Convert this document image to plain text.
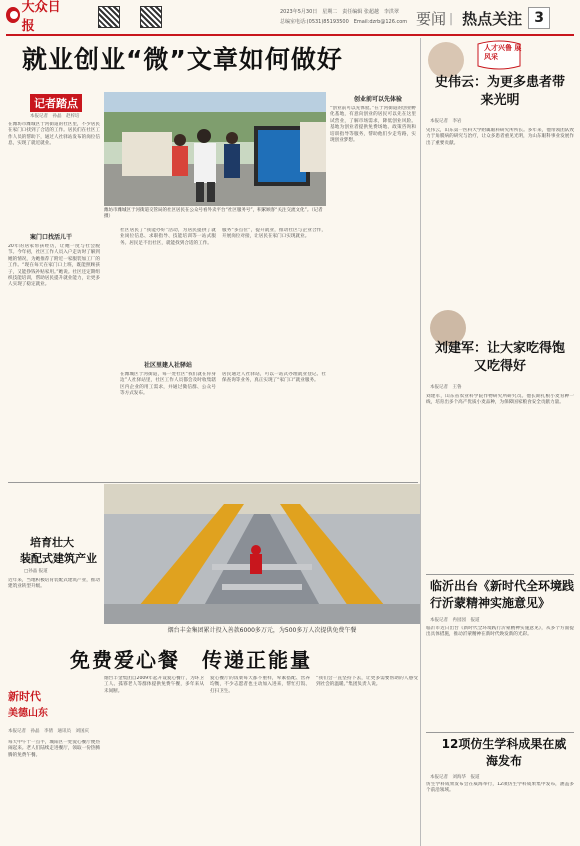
大众日报
2023年5月30日　星期二　责任编辑 张超越　李洪翠
总编室电话:(0531)85193500　Email:dzrb@126.com 要闻 | 热点关注 3
就业创业“微”文章如何做好
记者踏点
潍坊市潍城区于河街道交管局的社区居民在公众号看外卖平台“社区服务号”，积累顾客“关注交流文化”。（记者摄）
本报记者　孙晶　赵梓培
在潍坊市潍城区于河街道的社区里，不少居民在家门口找到了合适的工作。居民们在社区工作人员的帮助下，通过人社驿站发布的岗位信息，实现了就近就业。
案门口找活儿干
20年的居家带孩经历，让她一度与社会脱节。今年初，社区工作人员入户走访时了解到她的情况，为她推荐了附近一家服装加工厂的工作。“现在每天在家门口上班，既能照顾孩子，又能挣钱补贴家用。”她说。社区还定期组织技能培训，帮助居民提升就业能力，让更多人实现了稳定就业。
社区居民了“我能办好”活动，为居民提供了就业岗位信息、求职指导、技能培训等一站式服务。居民足不出社区，就能找到合适的工作。
服务“多点位”，提升就业，推动社区与企业合作，开展岗位对接，让居民在家门口实现就业。
社区里建人社驿站
在潍城区于河街道，每一处社区“我们就在你身边”人社驿站里，社区工作人员都会及时收集辖区内企业的用工需求，并通过微信群、公众号等方式发布。
居民通过人社驿站，可以一站式办理就业登记、社保查询等业务，真正实现了“家门口”就业服务。
创业前可以先体验
“创业前可以先体验。”在于河街道的创业孵化基地，有意向创业的居民可以先在这里试营业，了解市场需求，降低创业风险。基地为创业者提供免费场地、政策咨询和培训指导等服务，帮助他们少走弯路，实现创业梦想。
人才兴鲁 展风采
史伟云：为更多患者带来光明
本报记者　李岩
史伟云，山东第一医科大学附属眼科研究所所长。多年来，他带领团队致力于角膜病的研究与治疗，让众多患者重见光明，为山东眼科事业发展作出了重要贡献。
刘建军：让大家吃得饱又吃得好
本报记者　王鲁
刘建军，山东省农业科学院作物研究所研究员。他长期扎根小麦育种一线，培育出多个高产优质小麦品种，为保障国家粮食安全贡献力量。
临沂出台《新时代全环境践行沂蒙精神实施意见》
本报记者　冉园园　报道
临沂市近日出台《新时代全环境践行沂蒙精神实施意见》，从多个方面提出具体措施，推动沂蒙精神在新时代焕发新的光彩。
12项仿生学科成果在威海发布
本报记者　刘海华　报道
仿生学科成果发布会在威海举行，12项仿生学科成果集中发布，涵盖多个前沿领域。
培育壮大
装配式建筑产业
□孙晶 报道
近年来，当地积极培育装配式建筑产业，推动建筑业转型升级。
烟台丰金集团累计投入善款6000多万元，为500多万人次提供免费午餐
免费爱心餐　传递正能量
新时代
美德山东
本报记者　孙晶　李倩　通讯员　刘国庆
每天中午十一点半，城阳区一处爱心餐厅便热闹起来。老人们陆续走进餐厅，领取一份热腾腾的免费午餐。
烟台丰金集团自2009年起开设爱心餐厅，为环卫工人、孤寡老人等群体提供免费午餐，多年来从未间断。
爱心餐厅的饭菜每天都不重样，荤素搭配、营养均衡，不少志愿者也主动加入进来，帮忙打饭、打扫卫生。
“我们会一直坚持下去，让更多需要帮助的人感受到社会的温暖。”集团负责人说。
